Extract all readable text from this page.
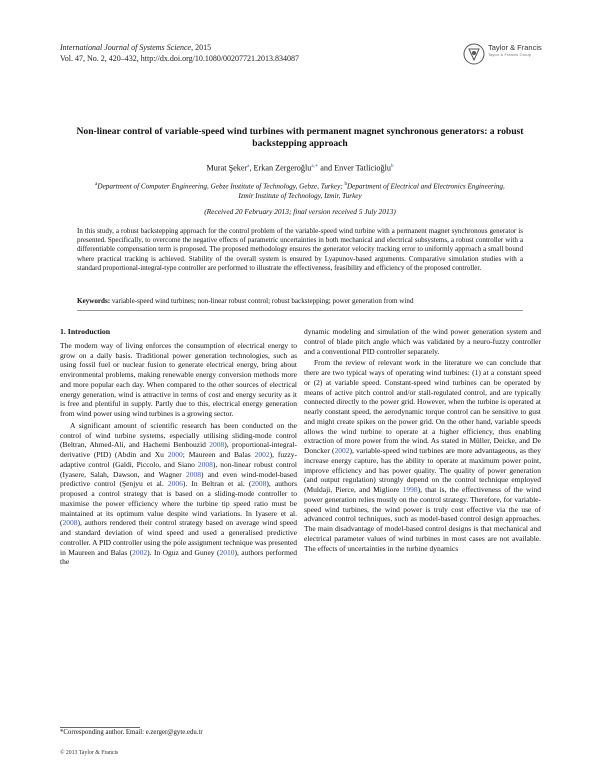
International Journal of Systems Science, 2015
Vol. 47, No. 2, 420–432, http://dx.doi.org/10.1080/00207721.2013.834087
Taylor & Francis
Taylor & Francis Group
Non-linear control of variable-speed wind turbines with permanent magnet synchronous generators: a robust backstepping approach
Murat Şeker$^a$, Erkan Zergeroğlu$^{a,∗}$ and Enver Tatlicioğlu$^b$
$^a$Department of Computer Engineering, Gebze Institute of Technology, Gebze, Turkey; $^b$Department of Electrical and Electronics Engineering, Izmir Institute of Technology, Izmir, Turkey
(Received 20 February 2013; final version received 5 July 2013)
In this study, a robust backstepping approach for the control problem of the variable-speed wind turbine with a permanent magnet synchronous generator is presented. Specifically, to overcome the negative effects of parametric uncertainties in both mechanical and electrical subsystems, a robust controller with a differentiable compensation term is proposed. The proposed methodology ensures the generator velocity tracking error to uniformly approach a small bound where practical tracking is achieved. Stability of the overall system is ensured by Lyapunov-based arguments. Comparative simulation studies with a standard proportional-integral-type controller are performed to illustrate the effectiveness, feasibility and efficiency of the proposed controller.
Keywords: variable-speed wind turbines; non-linear robust control; robust backstepping; power generation from wind
1. Introduction

The modern way of living enforces the consumption of electrical energy to grow on a daily basis. Traditional power generation technologies, such as using fossil fuel or nuclear fusion to generate electrical energy, bring about environmental problems, making renewable energy conversion methods more and more popular each day. When compared to the other sources of electrical energy generation, wind is attractive in terms of cost and energy security as it is free and plentiful in supply. Partly due to this, electrical energy generation from wind power using wind turbines is a growing sector.

A significant amount of scientific research has been conducted on the control of wind turbine systems, especially utilising sliding-mode control (Beltran, Ahmed-Ali, and Hachemi Benbouzid 2008), proportional-integral-derivative (PID) (Abdin and Xu 2000; Maureen and Balas 2002), fuzzy-adaptive control (Galdi, Piccolo, and Siano 2008), non-linear robust control (Iyasere, Salah, Dawson, and Wagner 2008) and even wind-model-based predictive control (Şenjyu et al. 2006). In Beltran et al. (2008), authors proposed a control strategy that is based on a sliding-mode controller to maximise the power efficiency where the turbine tip speed ratio must be maintained at its optimum value despite wind variations. In Iyasere et al. (2008), authors rendered their control strategy based on average wind speed and standard deviation of wind speed and used a generalised predictive controller. A PID controller using the pole assignment technique was presented in Maureen and Balas (2002). In Oguz and Guney (2010), authors performed the

dynamic modeling and simulation of the wind power generation system and control of blade pitch angle which was validated by a neuro-fuzzy controller and a conventional PID controller separately.

From the review of relevant work in the literature we can conclude that there are two typical ways of operating wind turbines: (1) at a constant speed or (2) at variable speed. Constant-speed wind turbines can be operated by means of active pitch control and/or stall-regulated control, and are typically connected directly to the power grid. However, when the turbine is operated at nearly constant speed, the aerodynamic torque control can be sensitive to gust and might create spikes on the power grid. On the other hand, variable speeds allows the wind turbine to operate at a higher efficiency, thus enabling extraction of more power from the wind. As stated in Müller, Deicke, and De Doncker (2002), variable-speed wind turbines are more advantageous, as they increase energy capture, has the ability to operate at maximum power point, improve efficiency and has power quality. The quality of power generation (and output regulation) strongly depend on the control technique employed (Muldaji, Pierce, and Migliore 1998), that is, the effectiveness of the wind power generation relies mostly on the control strategy. Therefore, for variable-speed wind turbines, the wind power is truly cost effective via the use of advanced control techniques, such as model-based control design approaches. The main disadvantage of model-based control designs is that mechanical and electrical parameter values of wind turbines in most cases are not available. The effects of uncertainties in the turbine dynamics

*Corresponding author. Email: e.zerger@gyte.edu.tr
© 2013 Taylor & Francis
